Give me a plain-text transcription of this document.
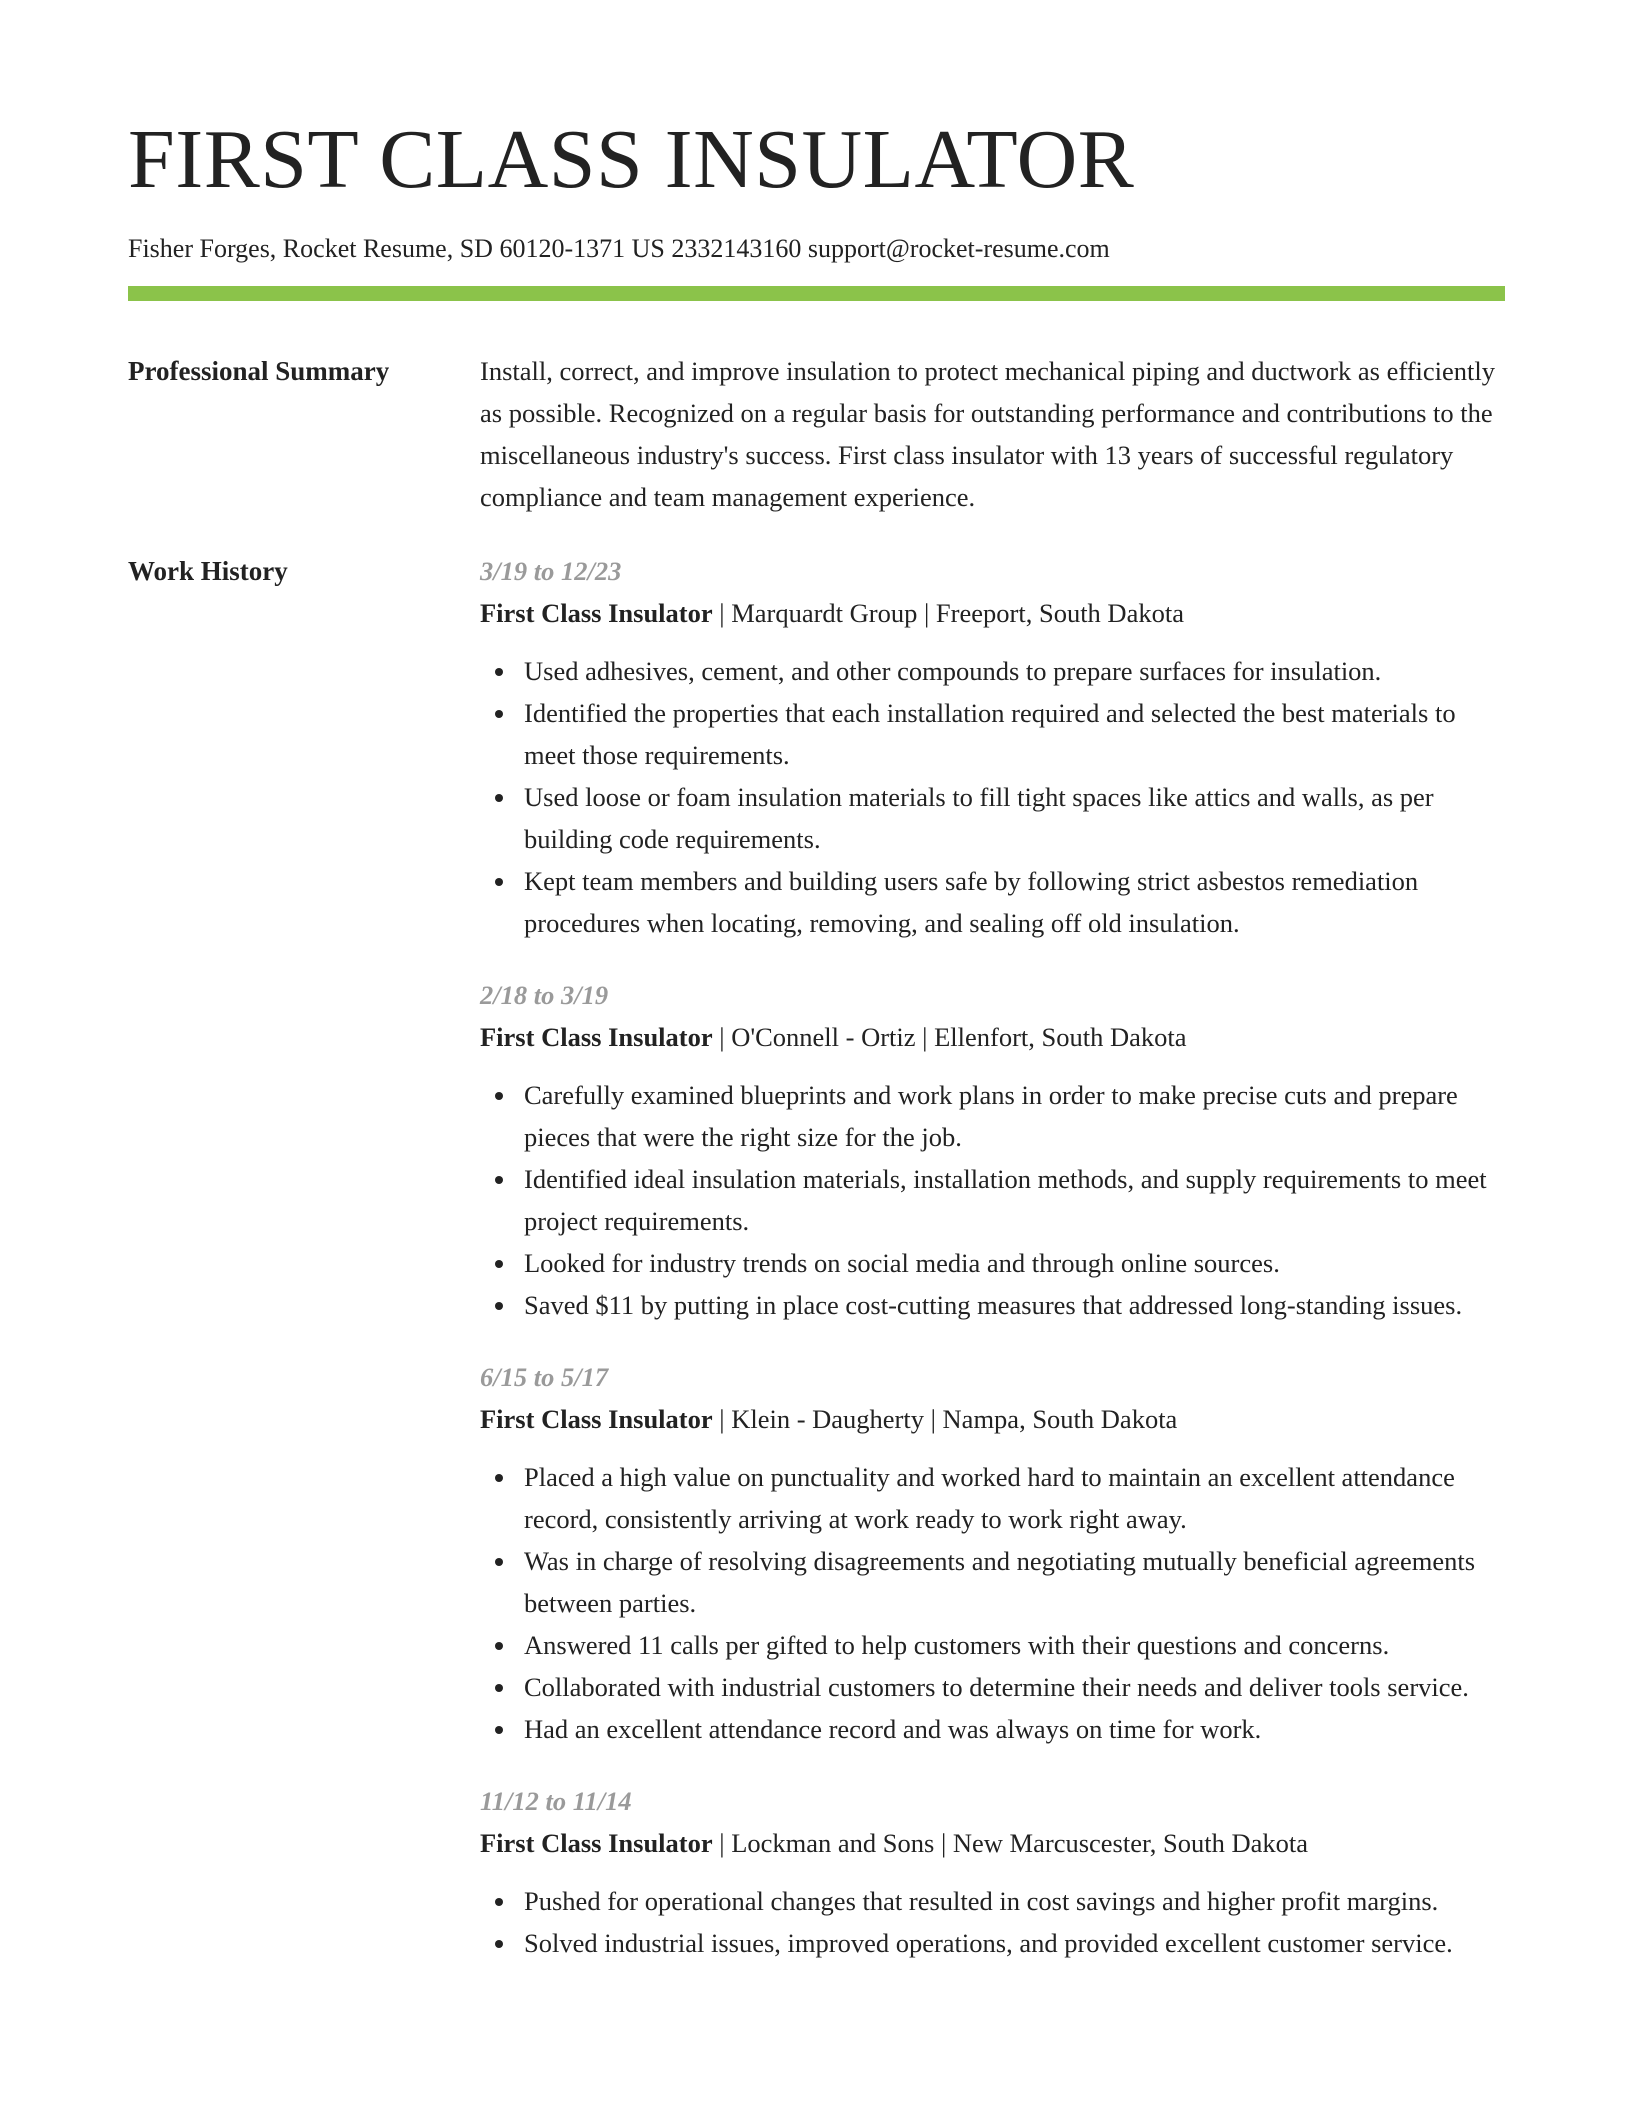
FIRST CLASS INSULATOR
Fisher Forges, Rocket Resume, SD 60120-1371 US 2332143160 support@rocket-resume.com
Professional Summary	Install, correct, and improve insulation to protect mechanical piping and ductwork as efficiently as possible. Recognized on a regular basis for outstanding performance and contributions to the miscellaneous industry's success. First class insulator with 13 years of successful regulatory compliance and team management experience.
Work History	3/19 to 12/23
First Class Insulator | Marquardt Group | Freeport, South Dakota
Used adhesives, cement, and other compounds to prepare surfaces for insulation.
Identified the properties that each installation required and selected the best materials to meet those requirements.
Used loose or foam insulation materials to fill tight spaces like attics and walls, as per building code requirements.
Kept team members and building users safe by following strict asbestos remediation procedures when locating, removing, and sealing off old insulation.
2/18 to 3/19
First Class Insulator | O'Connell - Ortiz | Ellenfort, South Dakota
Carefully examined blueprints and work plans in order to make precise cuts and prepare pieces that were the right size for the job.
Identified ideal insulation materials, installation methods, and supply requirements to meet project requirements.
Looked for industry trends on social media and through online sources.
Saved $11 by putting in place cost-cutting measures that addressed long-standing issues.
6/15 to 5/17
First Class Insulator | Klein - Daugherty | Nampa, South Dakota
Placed a high value on punctuality and worked hard to maintain an excellent attendance record, consistently arriving at work ready to work right away.
Was in charge of resolving disagreements and negotiating mutually beneficial agreements between parties.
Answered 11 calls per gifted to help customers with their questions and concerns.
Collaborated with industrial customers to determine their needs and deliver tools service.
Had an excellent attendance record and was always on time for work.
11/12 to 11/14
First Class Insulator | Lockman and Sons | New Marcuscester, South Dakota
Pushed for operational changes that resulted in cost savings and higher profit margins.
Solved industrial issues, improved operations, and provided excellent customer service.
